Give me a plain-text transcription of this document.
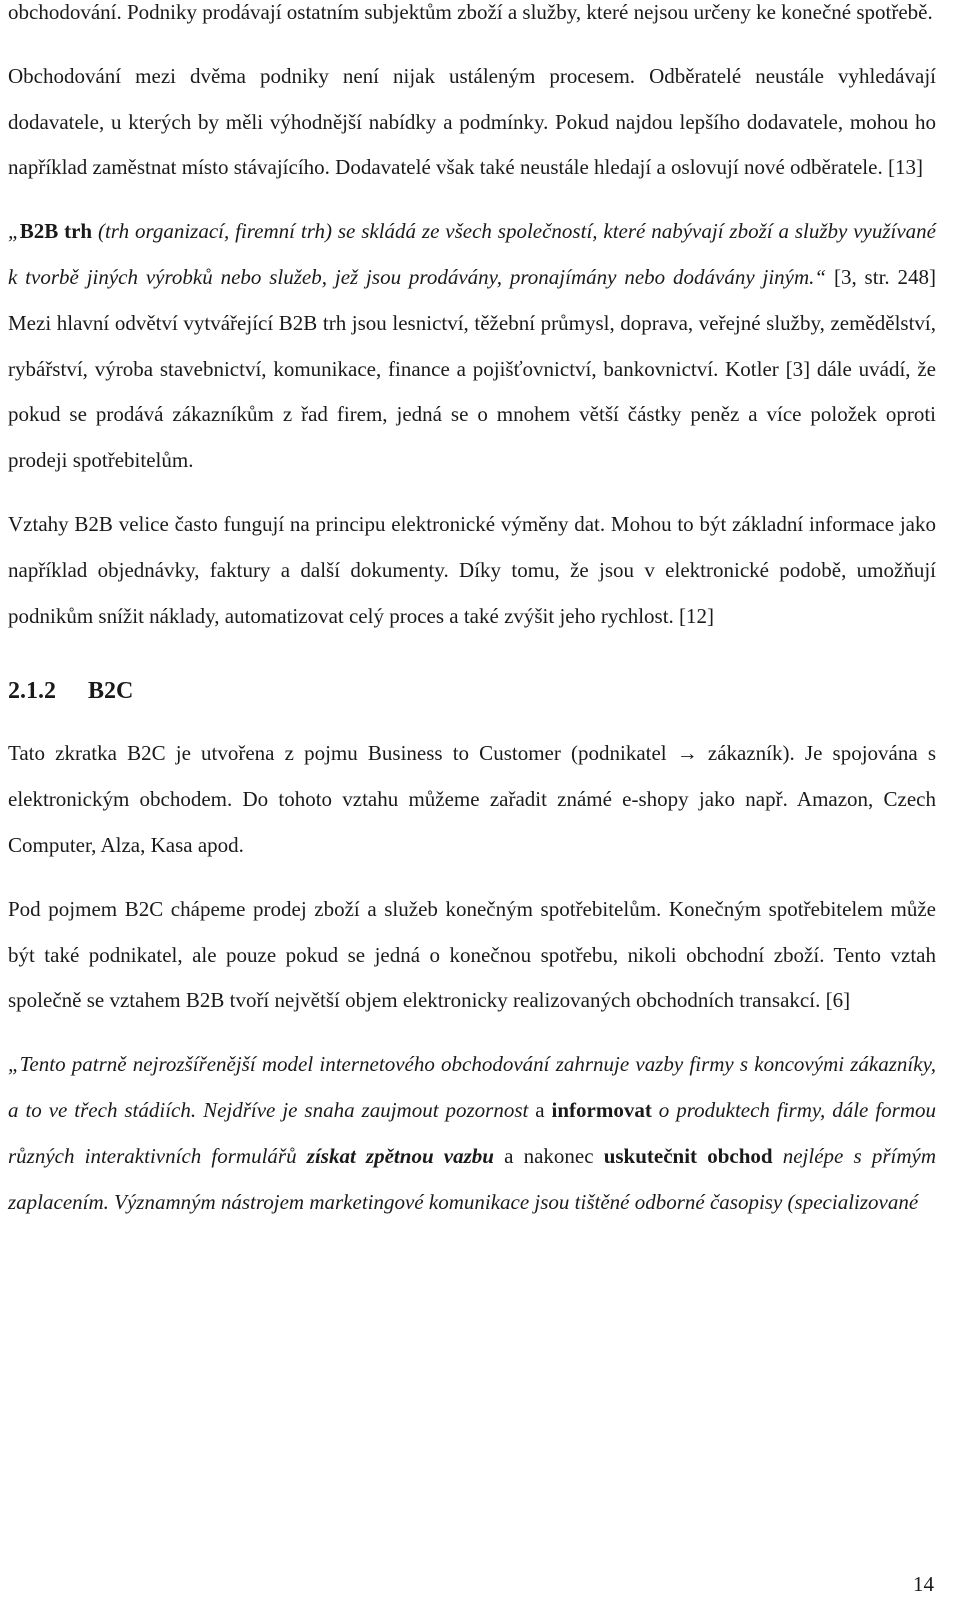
obchodování. Podniky prodávají ostatním subjektům zboží a služby, které nejsou určeny ke konečné spotřebě.

Obchodování mezi dvěma podniky není nijak ustáleným procesem. Odběratelé neustále vyhledávají dodavatele, u kterých by měli výhodnější nabídky a podmínky. Pokud najdou lepšího dodavatele, mohou ho například zaměstnat místo stávajícího. Dodavatelé však také neustále hledají a oslovují nové odběratele. [13]

„B2B trh (trh organizací, firemní trh) se skládá ze všech společností, které nabývají zboží a služby využívané k tvorbě jiných výrobků nebo služeb, jež jsou prodávány, pronajímány nebo dodávány jiným.“ [3, str. 248] Mezi hlavní odvětví vytvářející B2B trh jsou lesnictví, těžební průmysl, doprava, veřejné služby, zemědělství, rybářství, výroba stavebnictví, komunikace, finance a pojišťovnictví, bankovnictví. Kotler [3] dále uvádí, že pokud se prodává zákazníkům z řad firem, jedná se o mnohem větší částky peněz a více položek oproti prodeji spotřebitelům.

Vztahy B2B velice často fungují na principu elektronické výměny dat. Mohou to být základní informace jako například objednávky, faktury a další dokumenty. Díky tomu, že jsou v elektronické podobě, umožňují podnikům snížit náklady, automatizovat celý proces a také zvýšit jeho rychlost. [12]

2.1.2 B2C

Tato zkratka B2C je utvořena z pojmu Business to Customer (podnikatel → zákazník). Je spojována s elektronickým obchodem. Do tohoto vztahu můžeme zařadit známé e-shopy jako např. Amazon, Czech Computer, Alza, Kasa apod.

Pod pojmem B2C chápeme prodej zboží a služeb konečným spotřebitelům. Konečným spotřebitelem může být také podnikatel, ale pouze pokud se jedná o konečnou spotřebu, nikoli obchodní zboží. Tento vztah společně se vztahem B2B tvoří největší objem elektronicky realizovaných obchodních transakcí. [6]

„Tento patrně nejrozšířenější model internetového obchodování zahrnuje vazby firmy s koncovými zákazníky, a to ve třech stádiích. Nejdříve je snaha zaujmout pozornost a informovat o produktech firmy, dále formou různých interaktivních formulářů získat zpětnou vazbu a nakonec uskutečnit obchod nejlépe s přímým zaplacením. Významným nástrojem marketingové komunikace jsou tištěné odborné časopisy (specializované

14
